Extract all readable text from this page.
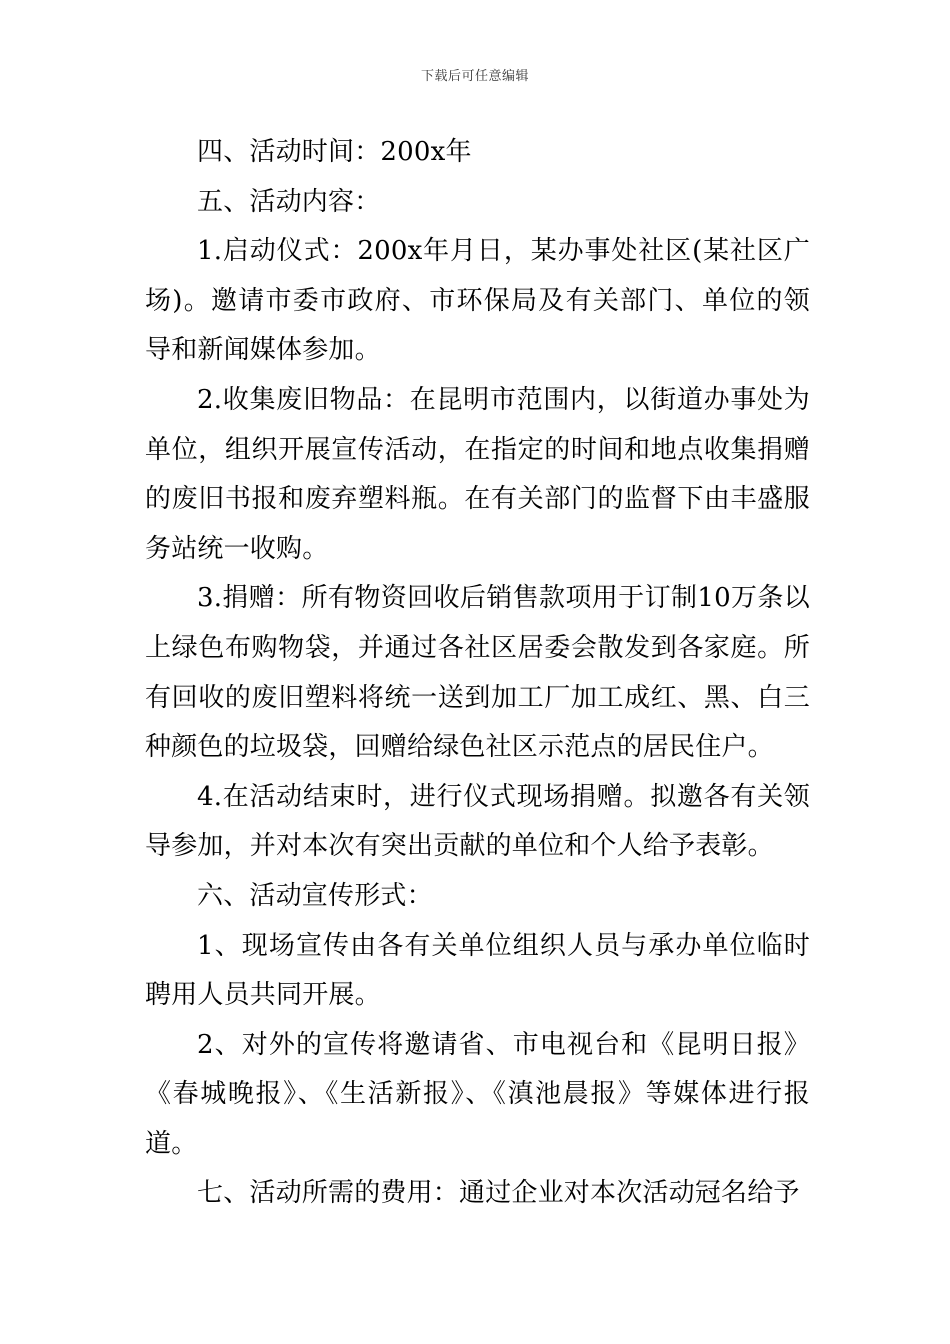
下载后可任意编辑

四、活动时间：200x年

五、活动内容：

1.启动仪式：200x年月日，某办事处社区(某社区广场)。邀请市委市政府、市环保局及有关部门、单位的领导和新闻媒体参加。

2.收集废旧物品：在昆明市范围内，以街道办事处为单位，组织开展宣传活动，在指定的时间和地点收集捐赠的废旧书报和废弃塑料瓶。在有关部门的监督下由丰盛服务站统一收购。

3.捐赠：所有物资回收后销售款项用于订制10万条以上绿色布购物袋，并通过各社区居委会散发到各家庭。所有回收的废旧塑料将统一送到加工厂加工成红、黑、白三种颜色的垃圾袋，回赠给绿色社区示范点的居民住户。

4.在活动结束时，进行仪式现场捐赠。拟邀各有关领导参加，并对本次有突出贡献的单位和个人给予表彰。

六、活动宣传形式：

1、现场宣传由各有关单位组织人员与承办单位临时聘用人员共同开展。

2、对外的宣传将邀请省、市电视台和《昆明日报》《春城晚报》、《生活新报》、《滇池晨报》等媒体进行报道。

七、活动所需的费用：通过企业对本次活动冠名给予
